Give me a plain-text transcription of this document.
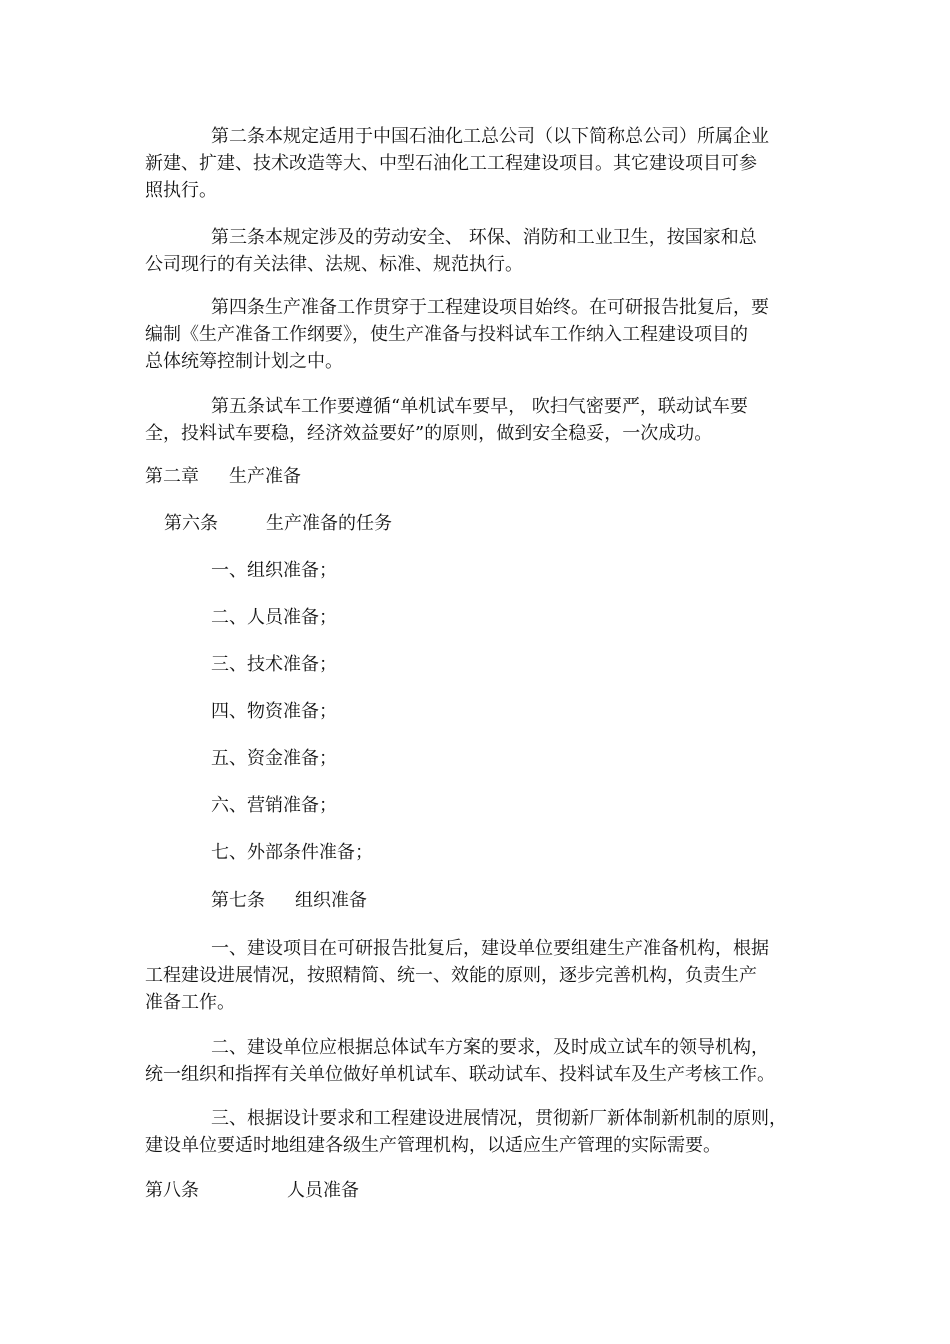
第二条本规定适用于中国石油化工总公司（以下简称总公司）所属企业
新建、扩建、技术改造等大、中型石油化工工程建设项目。其它建设项目可参
照执行。
第三条本规定涉及的劳动安全、 环保、消防和工业卫生，按国家和总
公司现行的有关法律、法规、标准、规范执行。
第四条生产准备工作贯穿于工程建设项目始终。在可研报告批复后，要
编制《生产准备工作纲要》，使生产准备与投料试车工作纳入工程建设项目的
总体统筹控制计划之中。
第五条试车工作要遵循“单机试车要早， 吹扫气密要严，联动试车要
全，投料试车要稳，经济效益要好”的原则，做到安全稳妥，一次成功。
第二章 生产准备
第六条	生产准备的任务
一、组织准备；
二、人员准备；
三、技术准备；
四、物资准备；
五、资金准备；
六、营销准备；
七、外部条件准备；
第七条 组织准备
一、建设项目在可研报告批复后，建设单位要组建生产准备机构，根据
工程建设进展情况，按照精简、统一、效能的原则，逐步完善机构，负责生产
准备工作。
二、建设单位应根据总体试车方案的要求，及时成立试车的领导机构，
统一组织和指挥有关单位做好单机试车、联动试车、投料试车及生产考核工作。
三、根据设计要求和工程建设进展情况，贯彻新厂新体制新机制的原则，
建设单位要适时地组建各级生产管理机构，以适应生产管理的实际需要。
第八条	人员准备
